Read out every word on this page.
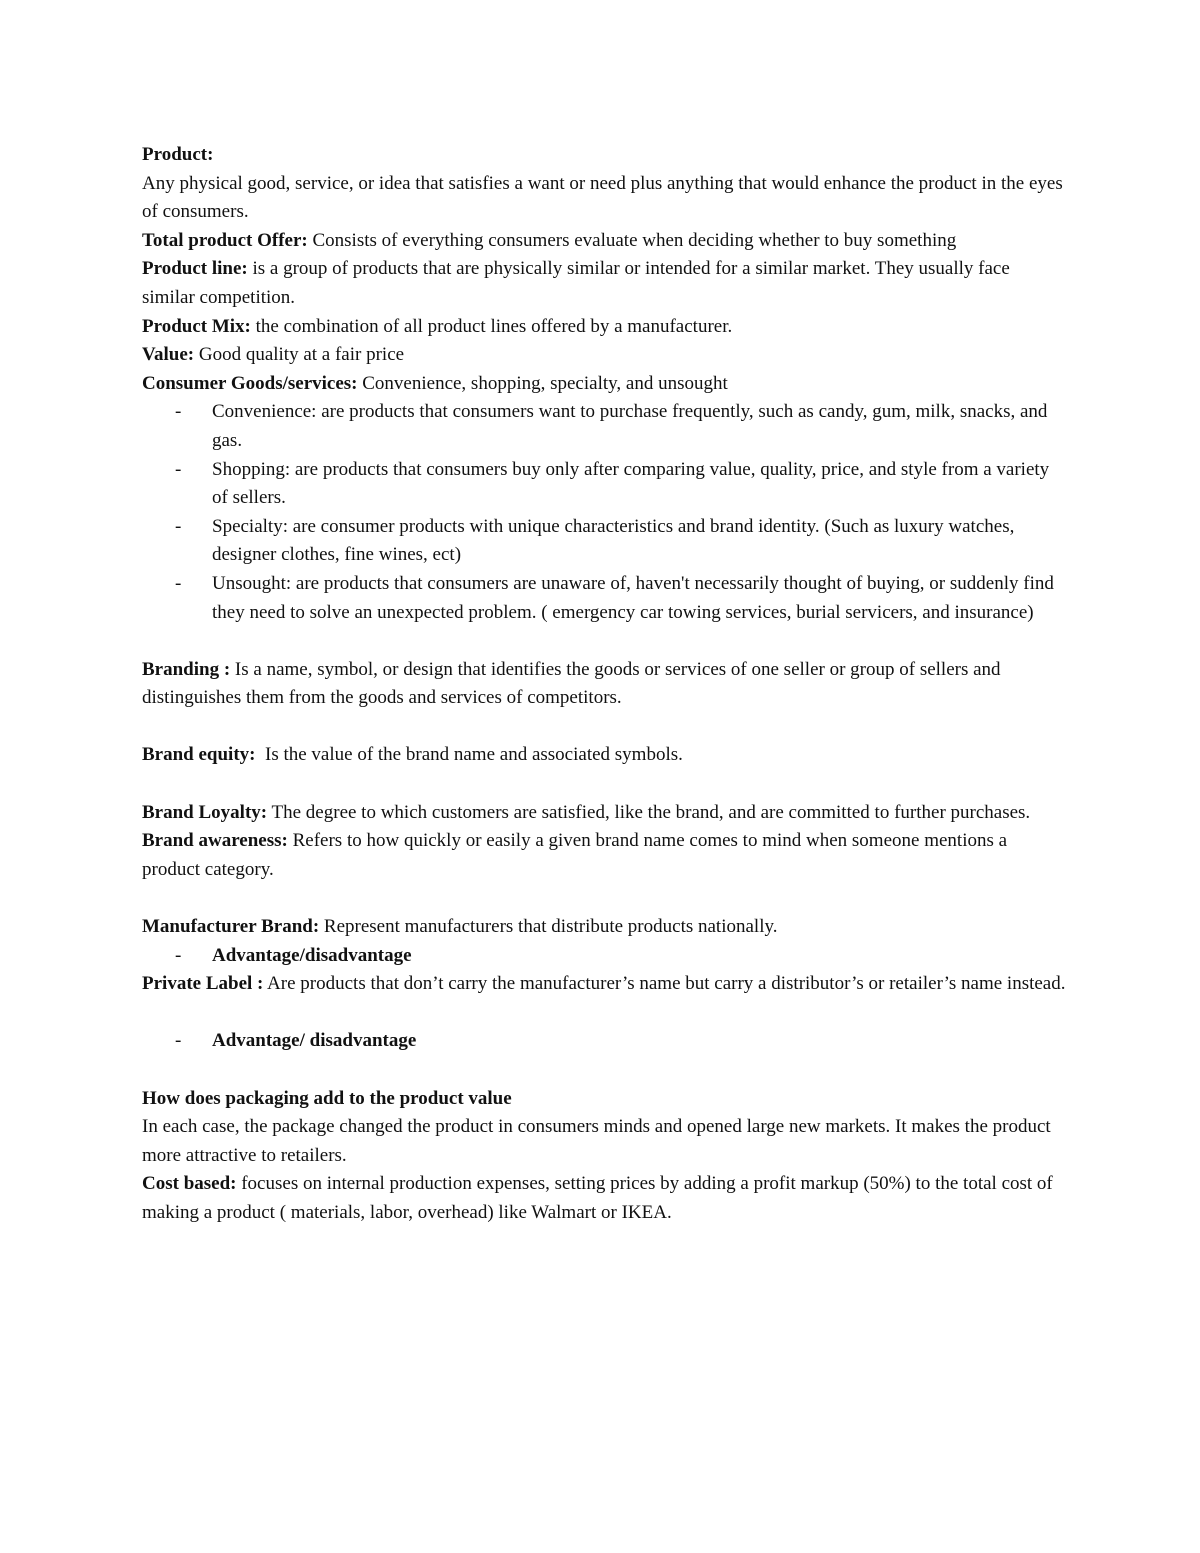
Product:

Any physical good, service, or idea that satisfies a want or need plus anything that would enhance the product in the eyes of consumers.

Total product Offer: Consists of everything consumers evaluate when deciding whether to buy something

Product line: is a group of products that are physically similar or intended for a similar market. They usually face similar competition.

Product Mix: the combination of all product lines offered by a manufacturer.

Value: Good quality at a fair price

Consumer Goods/services: Convenience, shopping, specialty, and unsought

- Convenience: are products that consumers want to purchase frequently, such as candy, gum, milk, snacks, and gas.
- Shopping: are products that consumers buy only after comparing value, quality, price, and style from a variety of sellers.
- Specialty: are consumer products with unique characteristics and brand identity. (Such as luxury watches, designer clothes, fine wines, ect)
- Unsought: are products that consumers are unaware of, haven't necessarily thought of buying, or suddenly find they need to solve an unexpected problem. ( emergency car towing services, burial servicers, and insurance)

Branding : Is a name, symbol, or design that identifies the goods or services of one seller or group of sellers and distinguishes them from the goods and services of competitors.

Brand equity:  Is the value of the brand name and associated symbols.

Brand Loyalty: The degree to which customers are satisfied, like the brand, and are committed to further purchases.

Brand awareness: Refers to how quickly or easily a given brand name comes to mind when someone mentions a product category.

Manufacturer Brand: Represent manufacturers that distribute products nationally.

- Advantage/disadvantage

Private Label : Are products that don’t carry the manufacturer’s name but carry a distributor’s or retailer’s name instead.

- Advantage/ disadvantage

How does packaging add to the product value

In each case, the package changed the product in consumers minds and opened large new markets. It makes the product more attractive to retailers.

Cost based: focuses on internal production expenses, setting prices by adding a profit markup (50%) to the total cost of making a product ( materials, labor, overhead) like Walmart or IKEA.
